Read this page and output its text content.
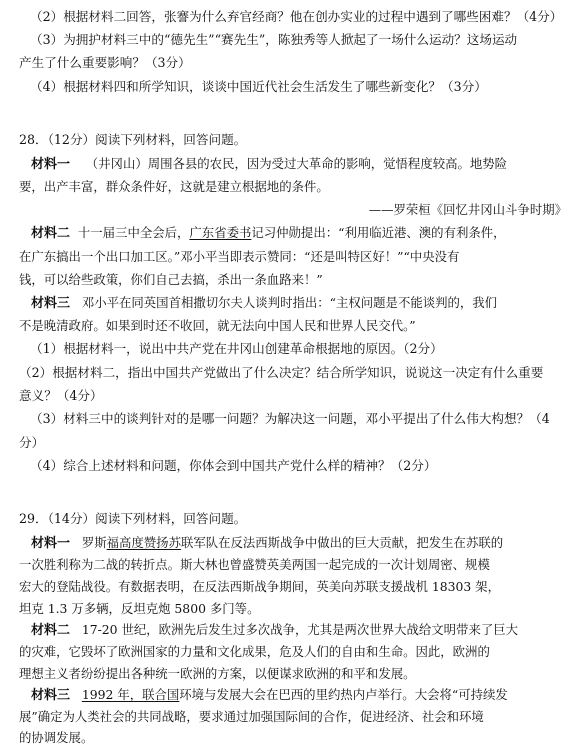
（2）根据材料二回答，张謇为什么弃官经商？他在创办实业的过程中遇到了哪些困难？（4分）
（3）为拥护材料三中的“德先生”“赛先生”，陈独秀等人掀起了一场什么运动？这场运动
产生了什么重要影响？（3分）
（4）根据材料四和所学知识，谈谈中国近代社会生活发生了哪些新变化？（3分）
28．（12分）阅读下列材料，回答问题。
材料一 （井冈山）周围各县的农民，因为受过大革命的影响，觉悟程度较高。地势险
要，出产丰富，群众条件好，这就是建立根据地的条件。
——罗荣桓《回忆井冈山斗争时期》
材料二 十一届三中全会后，广东省委书记习仲勋提出：“利用临近港、澳的有利条件，
在广东搞出一个出口加工区。”邓小平当即表示赞同：“还是叫特区好！”“中央没有
钱，可以给些政策，你们自己去搞，杀出一条血路来！”
材料三 邓小平在同英国首相撒切尔夫人谈判时指出：“主权问题是不能谈判的，我们
不是晚清政府。如果到时还不收回，就无法向中国人民和世界人民交代。”
（1）根据材料一，说出中共产党在井冈山创建革命根据地的原因。（2分）
（2）根据材料二，指出中国共产党做出了什么决定？结合所学知识，说说这一决定有什么重要
意义？（4分）
（3）材料三中的谈判针对的是哪一问题？为解决这一问题，邓小平提出了什么伟大构想？（4
分）
（4）综合上述材料和问题，你体会到中国共产党什么样的精神？（2分）
29．（14分）阅读下列材料，回答问题。
材料一 罗斯福高度赞扬苏联军队在反法西斯战争中做出的巨大贡献，把发生在苏联的
一次胜利称为二战的转折点。斯大林也曾盛赞英美两国一起完成的一次计划周密、规模
宏大的登陆战役。有数据表明，在反法西斯战争期间，英美向苏联支援战机 18303 架，
坦克 1.3 万多辆，反坦克炮 5800 多门等。
材料二 17-20 世纪，欧洲先后发生过多次战争，尤其是两次世界大战给文明带来了巨大
的灾难，它毁坏了欧洲国家的力量和文化成果，危及人们的自由和生命。因此，欧洲的
理想主义者纷纷提出各种统一欧洲的方案，以便谋求欧洲的和平和发展。
材料三 1992 年，联合国环境与发展大会在巴西的里约热内卢举行。大会将“可持续发
展”确定为人类社会的共同战略，要求通过加强国际间的合作，促进经济、社会和环境
的协调发展。
